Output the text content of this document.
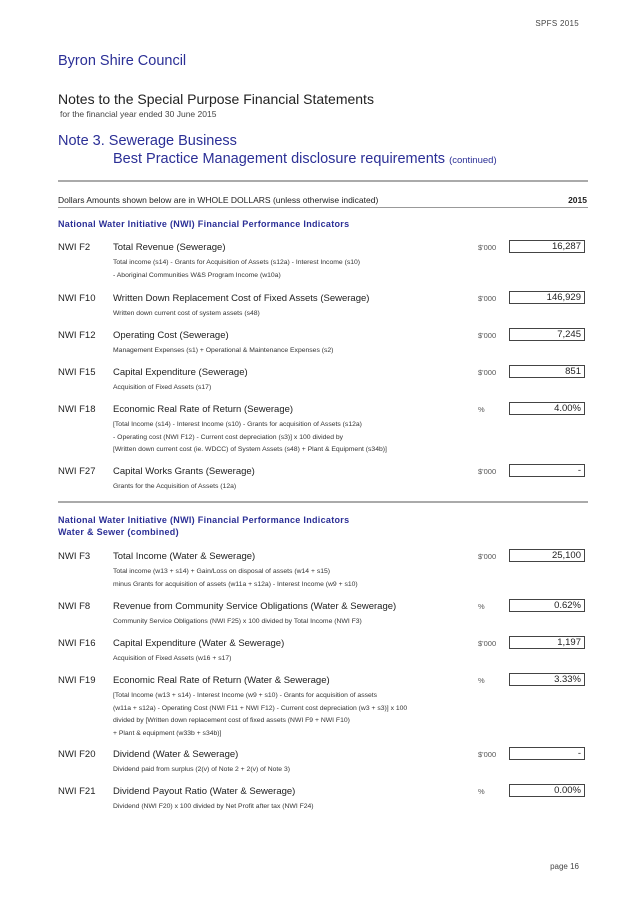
SPFS 2015
Byron Shire Council
Notes to the Special Purpose Financial Statements
for the financial year ended 30 June 2015
Note 3. Sewerage Business
Best Practice Management disclosure requirements (continued)
Dollars Amounts shown below are in WHOLE DOLLARS (unless otherwise indicated)	2015
National Water Initiative (NWI) Financial Performance Indicators
NWI F2 Total Revenue (Sewerage)
Total income (s14) - Grants for Acquisition of Assets (s12a) - Interest Income (s10)
- Aboriginal Communities W&S Program Income (w10a)
$'000	16,287
NWI F10 Written Down Replacement Cost of Fixed Assets (Sewerage)
Written down current cost of system assets (s48)
$'000	146,929
NWI F12 Operating Cost (Sewerage)
Management Expenses (s1) + Operational & Maintenance Expenses (s2)
$'000	7,245
NWI F15 Capital Expenditure (Sewerage)
Acquisition of Fixed Assets (s17)
$'000	851
NWI F18 Economic Real Rate of Return (Sewerage)
[Total Income (s14) - Interest Income (s10) - Grants for acquisition of Assets (s12a)
- Operating cost (NWI F12) - Current cost depreciation (s3)] x 100 divided by
[Written down current cost (ie. WDCC) of System Assets (s48) + Plant & Equipment (s34b)]
%	4.00%
NWI F27 Capital Works Grants (Sewerage)
Grants for the Acquisition of Assets (12a)
$'000	-
National Water Initiative (NWI) Financial Performance Indicators
Water & Sewer (combined)
NWI F3 Total Income (Water & Sewerage)
Total income (w13 + s14) + Gain/Loss on disposal of assets (w14 + s15)
minus Grants for acquisition of assets (w11a + s12a) - Interest Income (w9 + s10)
$'000	25,100
NWI F8 Revenue from Community Service Obligations (Water & Sewerage)
Community Service Obligations (NWI F25) x 100 divided by Total Income (NWI F3)
%	0.62%
NWI F16 Capital Expenditure (Water & Sewerage)
Acquisition of Fixed Assets (w16 + s17)
$'000	1,197
NWI F19 Economic Real Rate of Return (Water & Sewerage)
[Total Income (w13 + s14) - Interest Income (w9 + s10) - Grants for acquisition of assets
(w11a + s12a) - Operating Cost (NWI F11 + NWI F12) - Current cost depreciation (w3 + s3)] x 100
divided by [Written down replacement cost of fixed assets (NWI F9 + NWI F10)
+ Plant & equipment (w33b + s34b)]
%	3.33%
NWI F20 Dividend (Water & Sewerage)
Dividend paid from surplus (2(v) of Note 2 + 2(v) of Note 3)
$'000	-
NWI F21 Dividend Payout Ratio (Water & Sewerage)
Dividend (NWI F20) x 100 divided by Net Profit after tax (NWI F24)
%	0.00%
page 16
